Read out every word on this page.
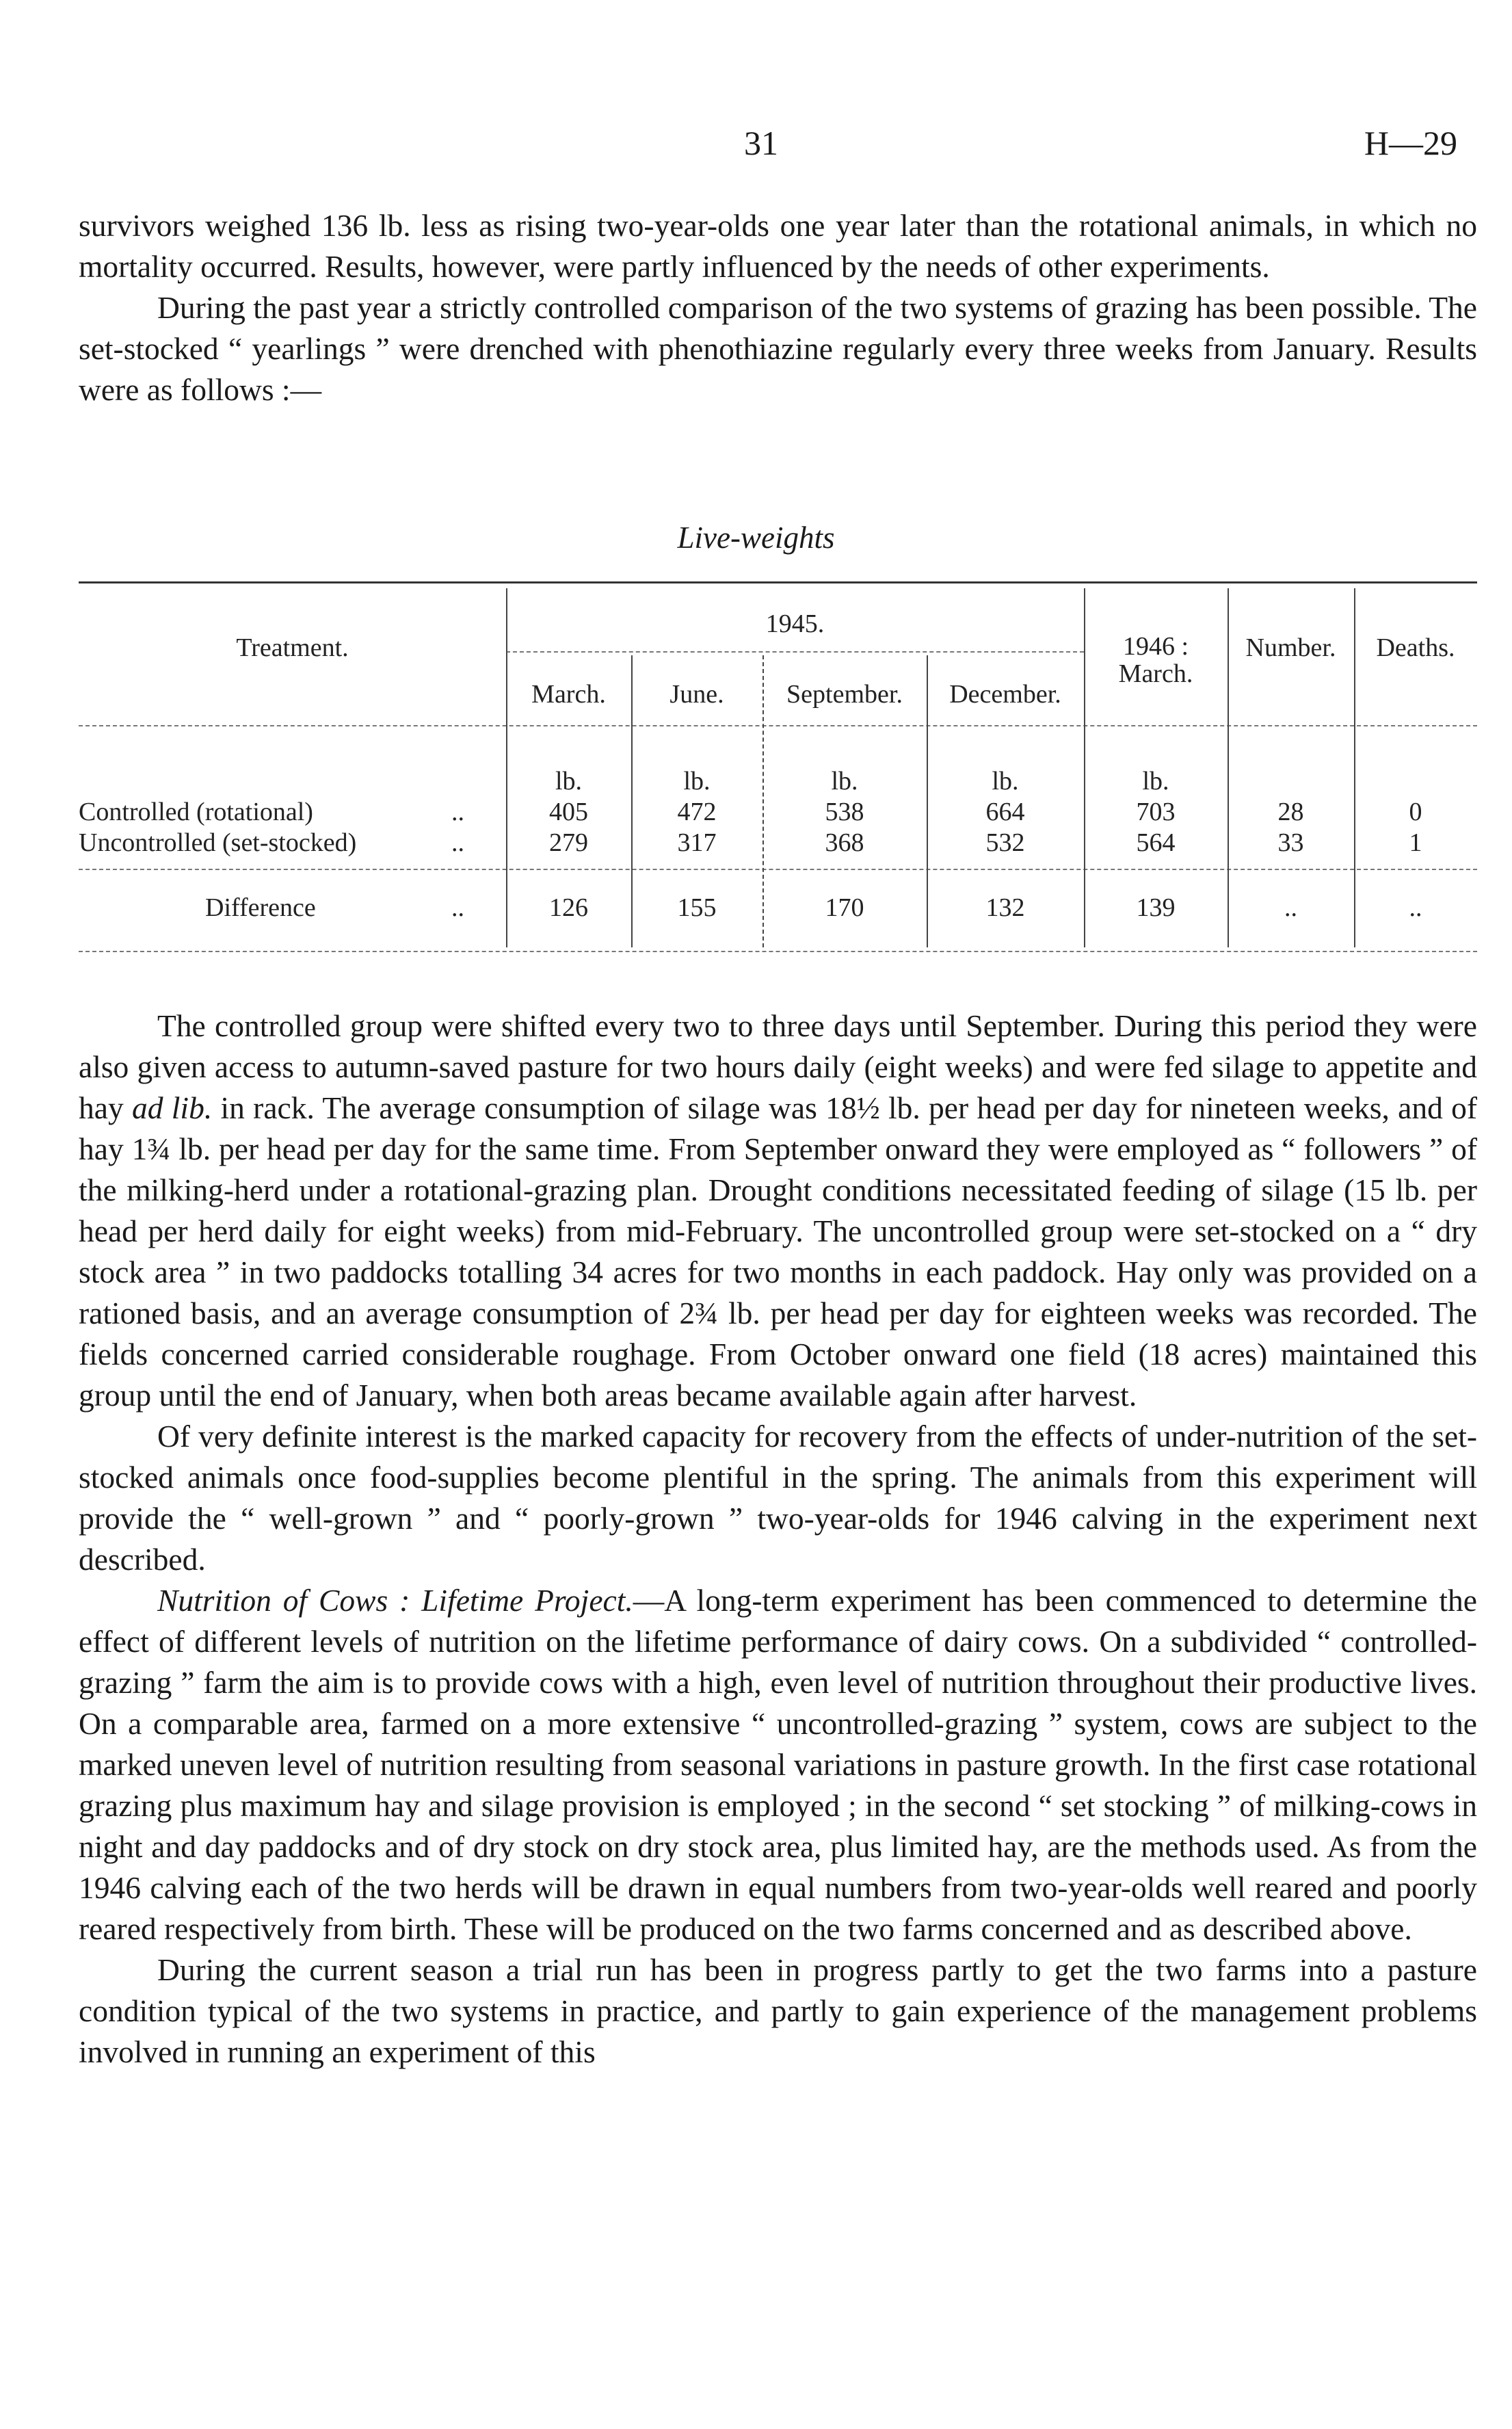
31	H—29

survivors weighed 136 lb. less as rising two-year-olds one year later than the rotational animals, in which no mortality occurred. Results, however, were partly influenced by the needs of other experiments.

During the past year a strictly controlled comparison of the two systems of grazing has been possible. The set-stocked “ yearlings ” were drenched with phenothiazine regularly every three weeks from January. Results were as follows :—

Live-weights
Treatment.
1945.
March.	June.	September.	December.
1946 : March.
Number.	Deaths.
lb.	lb.	lb.	lb.	lb.
Controlled (rotational)	..	405	472	538	664	703	28	0
Uncontrolled (set-stocked)	..	279	317	368	532	564	33	1
Difference	..	126	155	170	132	139	..	..

The controlled group were shifted every two to three days until September. During this period they were also given access to autumn-saved pasture for two hours daily (eight weeks) and were fed silage to appetite and hay ad lib. in rack. The average consumption of silage was 18½ lb. per head per day for nineteen weeks, and of hay 1¾ lb. per head per day for the same time. From September onward they were employed as “ followers ” of the milking-herd under a rotational-grazing plan. Drought conditions necessitated feeding of silage (15 lb. per head per herd daily for eight weeks) from mid-February. The uncontrolled group were set-stocked on a “ dry stock area ” in two paddocks totalling 34 acres for two months in each paddock. Hay only was provided on a rationed basis, and an average consumption of 2¾ lb. per head per day for eighteen weeks was recorded. The fields concerned carried considerable roughage. From October onward one field (18 acres) maintained this group until the end of January, when both areas became available again after harvest.

Of very definite interest is the marked capacity for recovery from the effects of under-nutrition of the set-stocked animals once food-supplies become plentiful in the spring. The animals from this experiment will provide the “ well-grown ” and “ poorly-grown ” two-year-olds for 1946 calving in the experiment next described.

Nutrition of Cows : Lifetime Project.—A long-term experiment has been commenced to determine the effect of different levels of nutrition on the lifetime performance of dairy cows. On a subdivided “ controlled-grazing ” farm the aim is to provide cows with a high, even level of nutrition throughout their productive lives. On a comparable area, farmed on a more extensive “ uncontrolled-grazing ” system, cows are subject to the marked uneven level of nutrition resulting from seasonal variations in pasture growth. In the first case rotational grazing plus maximum hay and silage provision is employed ; in the second “ set stocking ” of milking-cows in night and day paddocks and of dry stock on dry stock area, plus limited hay, are the methods used. As from the 1946 calving each of the two herds will be drawn in equal numbers from two-year-olds well reared and poorly reared respectively from birth. These will be produced on the two farms concerned and as described above.

During the current season a trial run has been in progress partly to get the two farms into a pasture condition typical of the two systems in practice, and partly to gain experience of the management problems involved in running an experiment of this
